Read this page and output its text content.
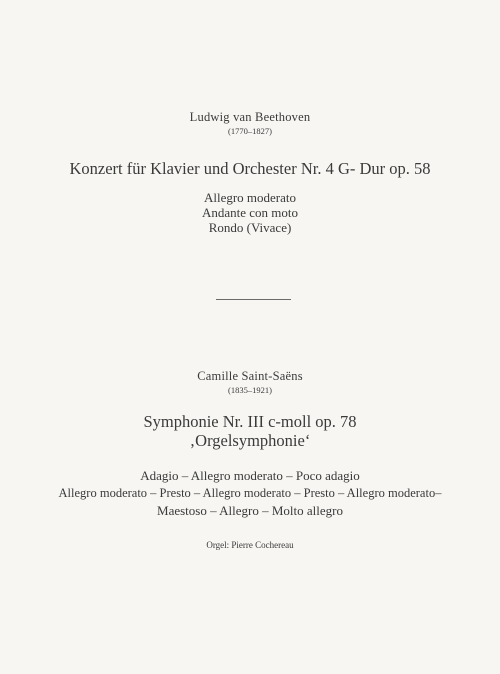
Ludwig van Beethoven
(1770–1827)
Konzert für Klavier und Orchester Nr. 4 G- Dur op. 58
Allegro moderato
Andante con moto
Rondo (Vivace)
Camille Saint-Saëns
(1835–1921)
Symphonie Nr. III c-moll op. 78
‚Orgelsymphonie‘
Adagio – Allegro moderato – Poco adagio
Allegro moderato – Presto – Allegro moderato – Presto – Allegro moderato–
Maestoso – Allegro – Molto allegro
Orgel: Pierre Cochereau
